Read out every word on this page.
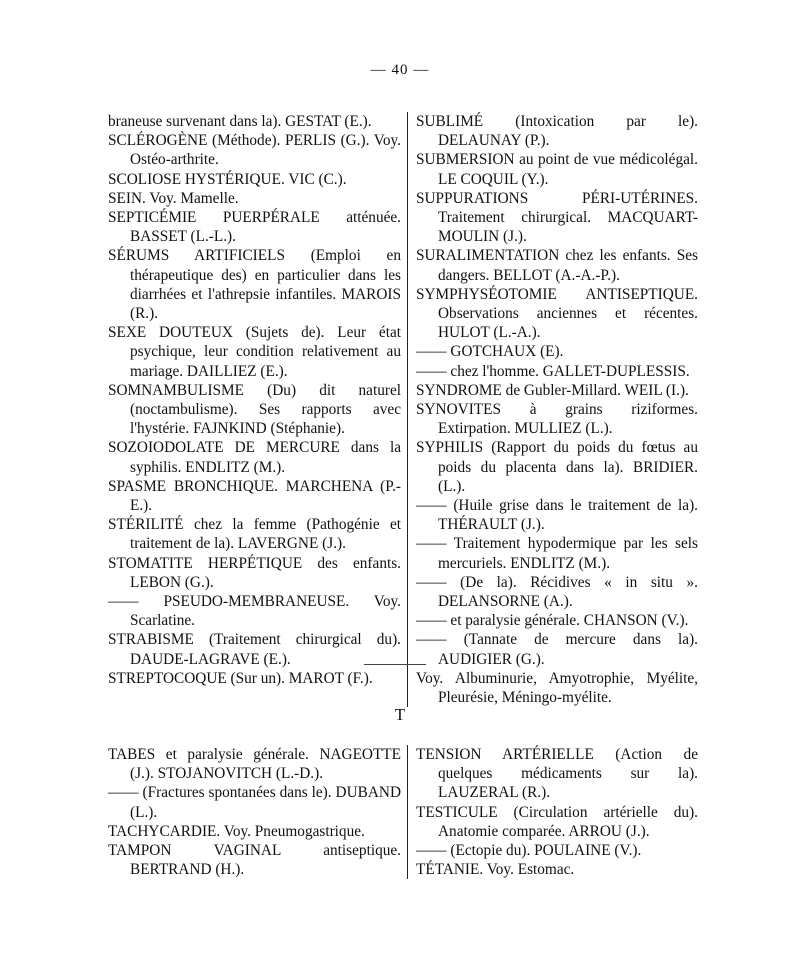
— 40 —
braneuse survenant dans la). GESTAT (E.).
SCLÉROGÈNE (Méthode). PERLIS (G.). Voy. Ostéo-arthrite.
SCOLIOSE HYSTÉRIQUE. VIC (C.).
SEIN. Voy. Mamelle.
SEPTICÉMIE PUERPÉRALE atténuée. BASSET (L.-L.).
SÉRUMS ARTIFICIELS (Emploi en thérapeutique des) en particulier dans les diarrhées et l'athrepsie infantiles. MAROIS (R.).
SEXE DOUTEUX (Sujets de). Leur état psychique, leur condition relativement au mariage. DAILLIEZ (E.).
SOMNAMBULISME (Du) dit naturel (noctambulisme). Ses rapports avec l'hystérie. FAJNKIND (Stéphanie).
SOZOIODOLATE DE MERCURE dans la syphilis. ENDLITZ (M.).
SPASME BRONCHIQUE. MARCHENA (P.-E.).
STÉRILITÉ chez la femme (Pathogénie et traitement de la). LAVERGNE (J.).
STOMATITE HERPÉTIQUE des enfants. LEBON (G.).
—— PSEUDO-MEMBRANEUSE. Voy. Scarlatine.
STRABISME (Traitement chirurgical du). DAUDE-LAGRAVE (E.).
STREPTOCOQUE (Sur un). MAROT (F.).
SUBLIMÉ (Intoxication par le). DELAUNAY (P.).
SUBMERSION au point de vue médicolégal. LE COQUIL (Y.).
SUPPURATIONS PÉRI-UTÉRINES. Traitement chirurgical. MACQUART-MOULIN (J.).
SURALIMENTATION chez les enfants. Ses dangers. BELLOT (A.-A.-P.).
SYMPHYSÉOTOMIE ANTISEPTIQUE. Observations anciennes et récentes. HULOT (L.-A.).
—— GOTCHAUX (E).
—— chez l'homme. GALLET-DUPLESSIS.
SYNDROME de Gubler-Millard. WEIL (I.).
SYNOVITES à grains riziformes. Extirpation. MULLIEZ (L.).
SYPHILIS (Rapport du poids du fœtus au poids du placenta dans la). BRIDIER. (L.).
—— (Huile grise dans le traitement de la). THÉRAULT (J.).
—— Traitement hypodermique par les sels mercuriels. ENDLITZ (M.).
—— (De la). Récidives « in situ ». DELANSORNE (A.).
—— et paralysie générale. CHANSON (V.).
—— (Tannate de mercure dans la). AUDIGIER (G.).
Voy. Albuminurie, Amyotrophie, Myélite, Pleurésie, Méningo-myélite.
T
TABES et paralysie générale. NAGEOTTE (J.). STOJANOVITCH (L.-D.).
—— (Fractures spontanées dans le). DUBAND (L.).
TACHYCARDIE. Voy. Pneumogastrique.
TAMPON VAGINAL antiseptique. BERTRAND (H.).
TENSION ARTÉRIELLE (Action de quelques médicaments sur la). LAUZERAL (R.).
TESTICULE (Circulation artérielle du). Anatomie comparée. ARROU (J.).
—— (Ectopie du). POULAINE (V.).
TÉTANIE. Voy. Estomac.
